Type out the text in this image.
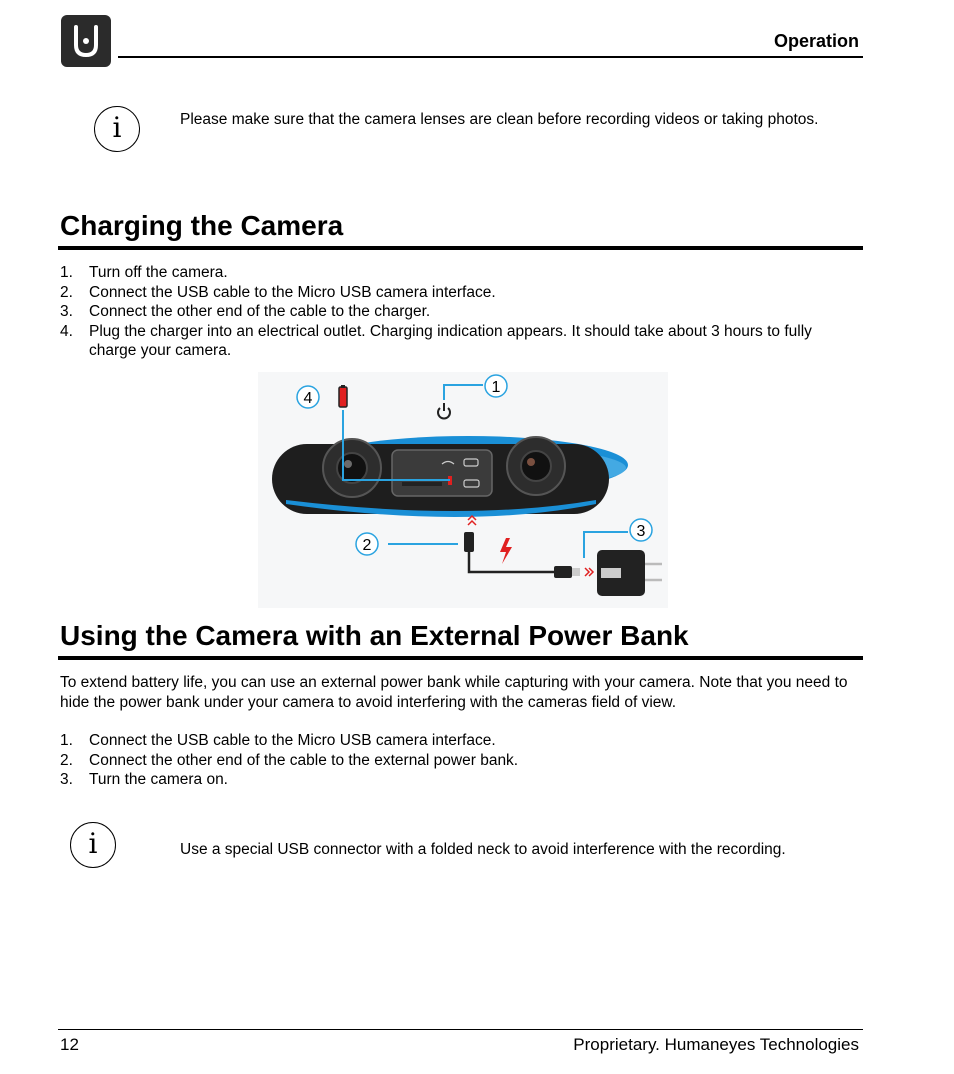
Operation
i	Please make sure that the camera lenses are clean before recording videos or taking photos.
Charging the Camera
1. Turn off the camera.
2. Connect the USB cable to the Micro USB camera interface.
3. Connect the other end of the cable to the charger.
4. Plug the charger into an electrical outlet. Charging indication appears. It should take about 3 hours to fully charge your camera.
4
1
2
3
Using the Camera with an External Power Bank
To extend battery life, you can use an external power bank while capturing with your camera. Note that you need to hide the power bank under your camera to avoid interfering with the cameras field of view.
1. Connect the USB cable to the Micro USB camera interface.
2. Connect the other end of the cable to the external power bank.
3. Turn the camera on.
i	Use a special USB connector with a folded neck to avoid interference with the recording.
12	Proprietary. Humaneyes Technologies
